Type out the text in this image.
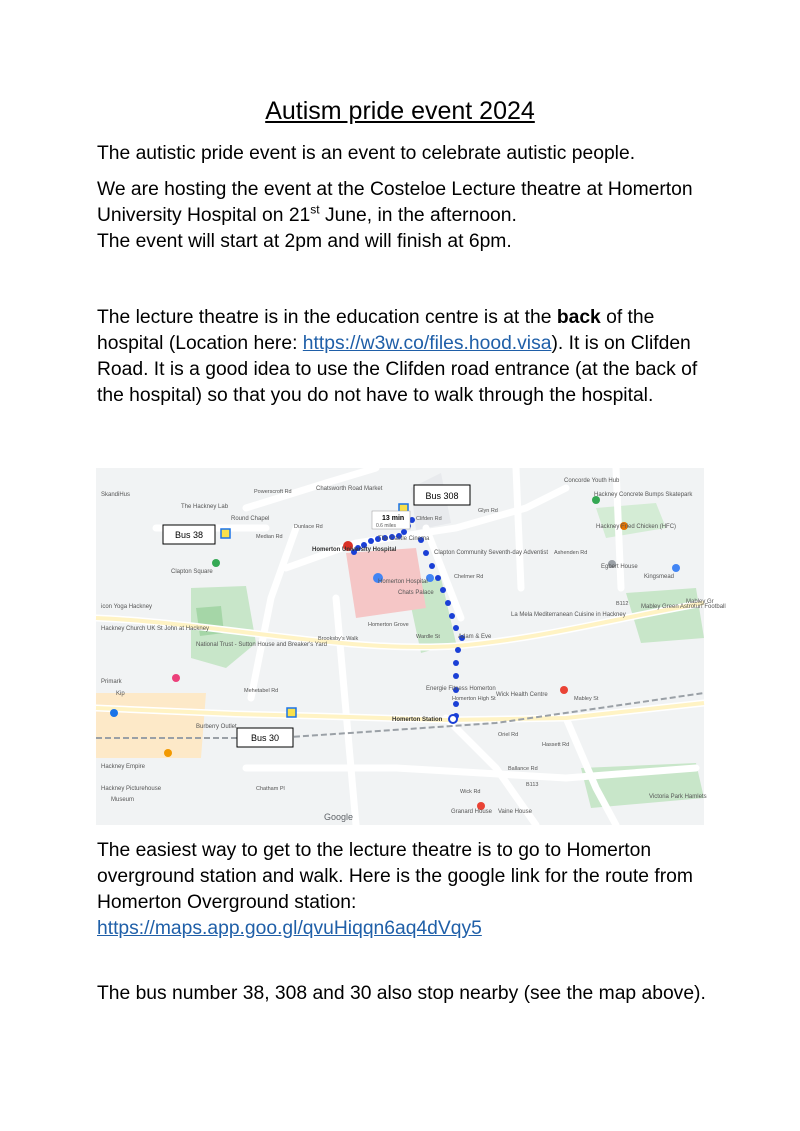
Autism pride event 2024

The autistic pride event is an event to celebrate autistic people.

We are hosting the event at the Costeloe Lecture theatre at Homerton University Hospital on 21st June, in the afternoon.
The event will start at 2pm and will finish at 6pm.

The lecture theatre is in the education centre is at the back of the hospital (Location here: https://w3w.co/files.hood.visa). It is on Clifden Road. It is a good idea to use the Clifden road entrance (at the back of the hospital) so that you do not have to walk through the hospital.

Bus 308
Bus 38
Bus 30
13 min
0.6 miles
Homerton University Hospital
Homerton Station
Google
SkandiHus
The Hackney Lab
Round Chapel
Clapton Square
Hackney Church UK St John at Hackney
National Trust - Sutton House and Breaker's Yard
Primark
Burberry Outlet
Hackney Empire
Hackney Picturehouse
Museum
Chatsworth Road Market
The Castle Cinema
Homerton Hospital
Chats Palace
Clapton Community Seventh-day Adventist
Energie Fitness Homerton
Wick Health Centre
Adam & Eve
La Mela Mediterranean Cuisine in Hackney
Concorde Youth Hub
Hackney Concrete Bumps Skatepark
Hackney Fried Chicken (HFC)
Egbert House
Kingsmead
Mabley Green Astroturf Football
Granard House
Victoria Park Hamlets
Vaine House
Mabley Gr
icon Yoga Hackney
Kip
Powerscroft Rd
Dunlace Rd
Median Rd
Clifden Rd
Glyn Rd
Ashenden Rd
Chelmer Rd
Homerton Grove
Homerton High St
Mehetabel Rd
Brooksby's Walk	Wardle St
Ballance Rd
Hassett Rd
Oriel Rd
Wick Rd
B113
B112
Mabley St
Chatham Pl

The easiest way to get to the lecture theatre is to go to Homerton overground station and walk. Here is the google link for the route from Homerton Overground station:
https://maps.app.goo.gl/qvuHiqqn6aq4dVqy5

The bus number 38, 308 and 30 also stop nearby (see the map above).
